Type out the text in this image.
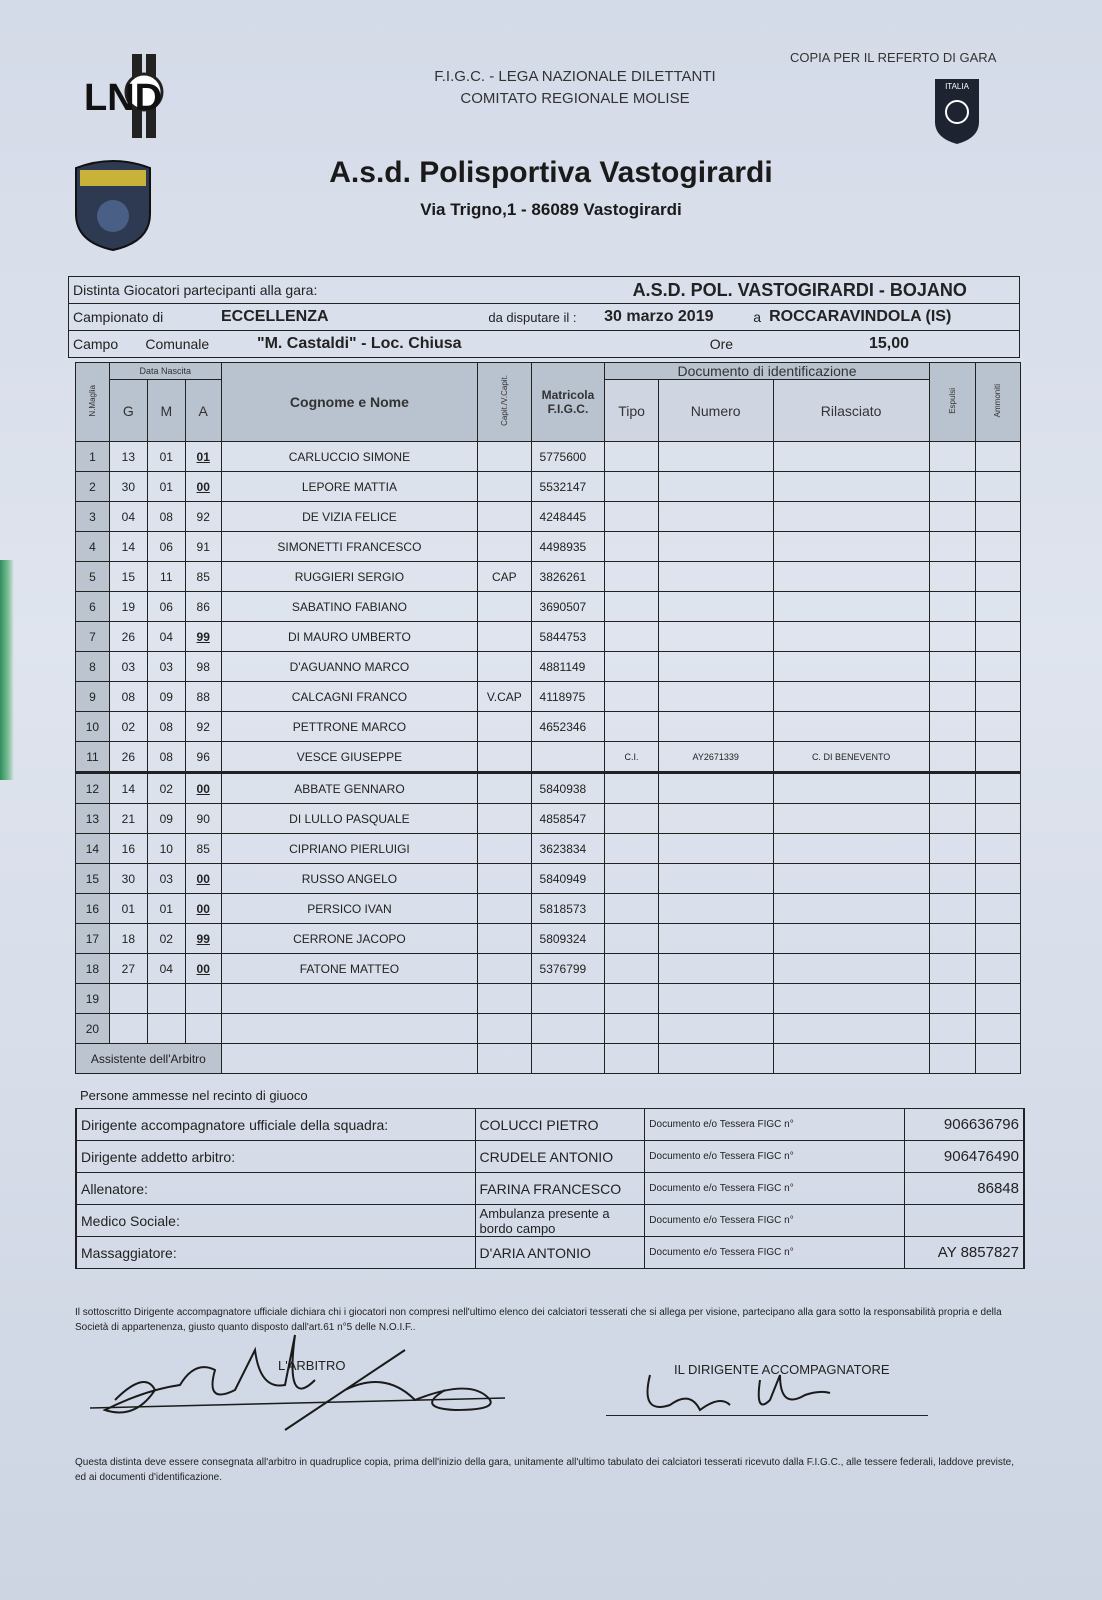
LND	ITALIA
F.I.G.C. - LEGA NAZIONALE DILETTANTI
COMITATO REGIONALE MOLISE
COPIA PER IL REFERTO DI GARA
A.s.d. Polisportiva Vastogirardi
Via Trigno,1 - 86089 Vastogirardi
Distinta Giocatori partecipanti alla gara:			A.S.D. POL. VASTOGIRARDI - BOJANO		
Campionato di	ECCELLENZA	da disputare il :	30 marzo 2019	a	ROCCARAVINDOLA (IS)
Campo Comunale	"M. Castaldi" - Loc. Chiusa		Ore	15,00	
N.Maglia	Data Nascita			Cognome e Nome	Capit./V.Capit.	Matricola F.I.G.C.	Documento di identificazione			Espulsi	Ammoniti
	G	M	A				Tipo	Numero	Rilasciato		
1	13	01	01	CARLUCCIO SIMONE		5775600					
2	30	01	00	LEPORE MATTIA		5532147					
3	04	08	92	DE VIZIA FELICE		4248445					
4	14	06	91	SIMONETTI FRANCESCO		4498935					
5	15	11	85	RUGGIERI SERGIO	CAP	3826261					
6	19	06	86	SABATINO FABIANO		3690507					
7	26	04	99	DI MAURO UMBERTO		5844753					
8	03	03	98	D'AGUANNO MARCO		4881149					
9	08	09	88	CALCAGNI FRANCO	V.CAP	4118975					
10	02	08	92	PETTRONE MARCO		4652346					
11	26	08	96	VESCE GIUSEPPE			C.I.	AY2671339	C. DI BENEVENTO		
12	14	02	00	ABBATE GENNARO		5840938					
13	21	09	90	DI LULLO PASQUALE		4858547					
14	16	10	85	CIPRIANO PIERLUIGI		3623834					
15	30	03	00	RUSSO ANGELO		5840949					
16	01	01	00	PERSICO IVAN		5818573					
17	18	02	99	CERRONE JACOPO		5809324					
18	27	04	00	FATONE MATTEO		5376799					
19											
20											
Assistente dell'Arbitro											
Persone ammesse nel recinto di giuoco
Dirigente accompagnatore ufficiale della squadra:	COLUCCI PIETRO	Documento e/o Tessera FIGC n°	906636796
Dirigente addetto arbitro:	CRUDELE ANTONIO	Documento e/o Tessera FIGC n°	906476490
Allenatore:	FARINA FRANCESCO	Documento e/o Tessera FIGC n°	86848
Medico Sociale:	Ambulanza presente a bordo campo	Documento e/o Tessera FIGC n°	
Massaggiatore:	D'ARIA ANTONIO	Documento e/o Tessera FIGC n°	AY 8857827
Il sottoscritto Dirigente accompagnatore ufficiale dichiara chi i giocatori non compresi nell'ultimo elenco dei calciatori tesserati che si allega per visione, partecipano alla gara sotto la responsabilità propria e della Società di appartenenza, giusto quanto disposto dall'art.61 n°5 delle N.O.I.F..
L'ARBITRO	IL DIRIGENTE ACCOMPAGNATORE
Questa distinta deve essere consegnata all'arbitro in quadruplice copia, prima dell'inizio della gara, unitamente all'ultimo tabulato dei calciatori tesserati ricevuto dalla F.I.G.C., alle tessere federali, laddove previste, ed ai documenti d'identificazione.
